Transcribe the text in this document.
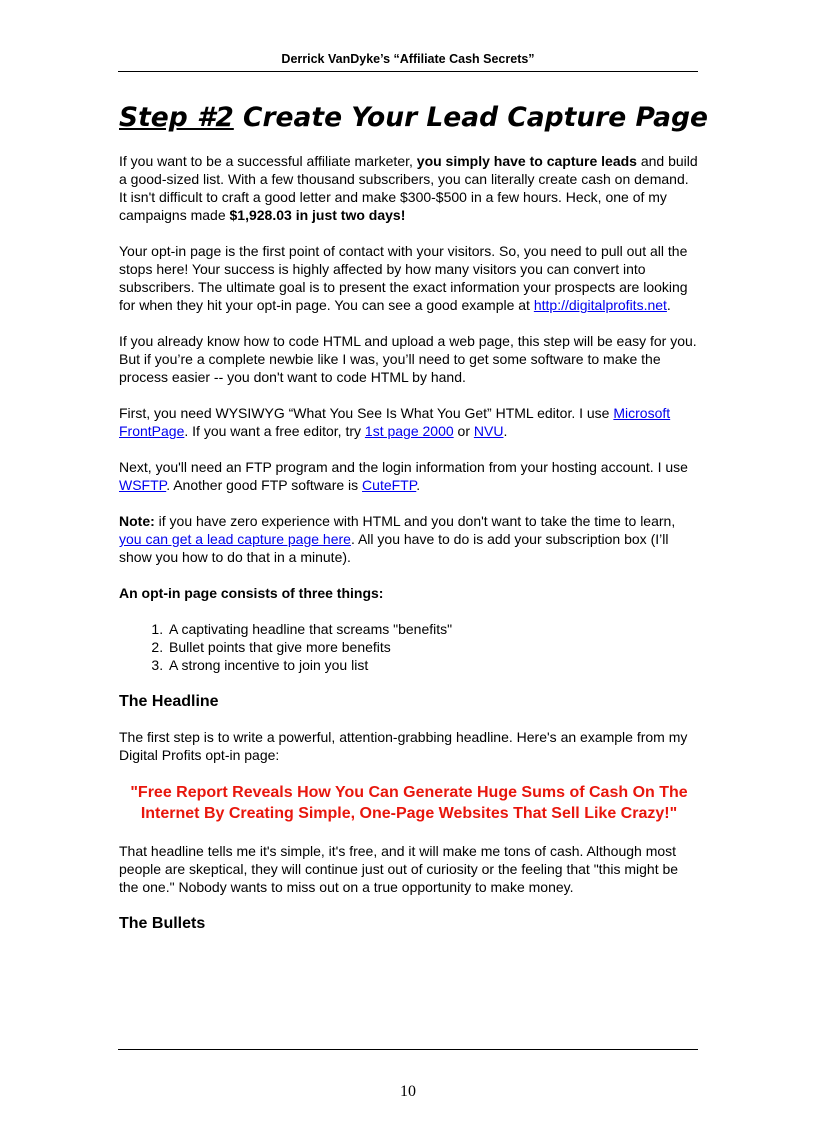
Derrick VanDyke’s “Affiliate Cash Secrets”
Step #2 Create Your Lead Capture Page

If you want to be a successful affiliate marketer, you simply have to capture leads and build a good-sized list. With a few thousand subscribers, you can literally create cash on demand. It isn't difficult to craft a good letter and make $300-$500 in a few hours. Heck, one of my campaigns made $1,928.03 in just two days!

Your opt-in page is the first point of contact with your visitors. So, you need to pull out all the stops here! Your success is highly affected by how many visitors you can convert into subscribers. The ultimate goal is to present the exact information your prospects are looking for when they hit your opt-in page. You can see a good example at http://digitalprofits.net.

If you already know how to code HTML and upload a web page, this step will be easy for you. But if you’re a complete newbie like I was, you’ll need to get some software to make the process easier -- you don't want to code HTML by hand.

First, you need WYSIWYG “What You See Is What You Get” HTML editor. I use Microsoft FrontPage. If you want a free editor, try 1st page 2000 or NVU.

Next, you'll need an FTP program and the login information from your hosting account. I use WSFTP. Another good FTP software is CuteFTP.

Note: if you have zero experience with HTML and you don't want to take the time to learn, you can get a lead capture page here. All you have to do is add your subscription box (I’ll show you how to do that in a minute).

An opt-in page consists of three things:
1. A captivating headline that screams "benefits"
2. Bullet points that give more benefits
3. A strong incentive to join you list
The Headline

The first step is to write a powerful, attention-grabbing headline. Here's an example from my Digital Profits opt-in page:

"Free Report Reveals How You Can Generate Huge Sums of Cash On The Internet By Creating Simple, One-Page Websites That Sell Like Crazy!"

That headline tells me it's simple, it's free, and it will make me tons of cash. Although most people are skeptical, they will continue just out of curiosity or the feeling that "this might be the one." Nobody wants to miss out on a true opportunity to make money.

The Bullets
10
